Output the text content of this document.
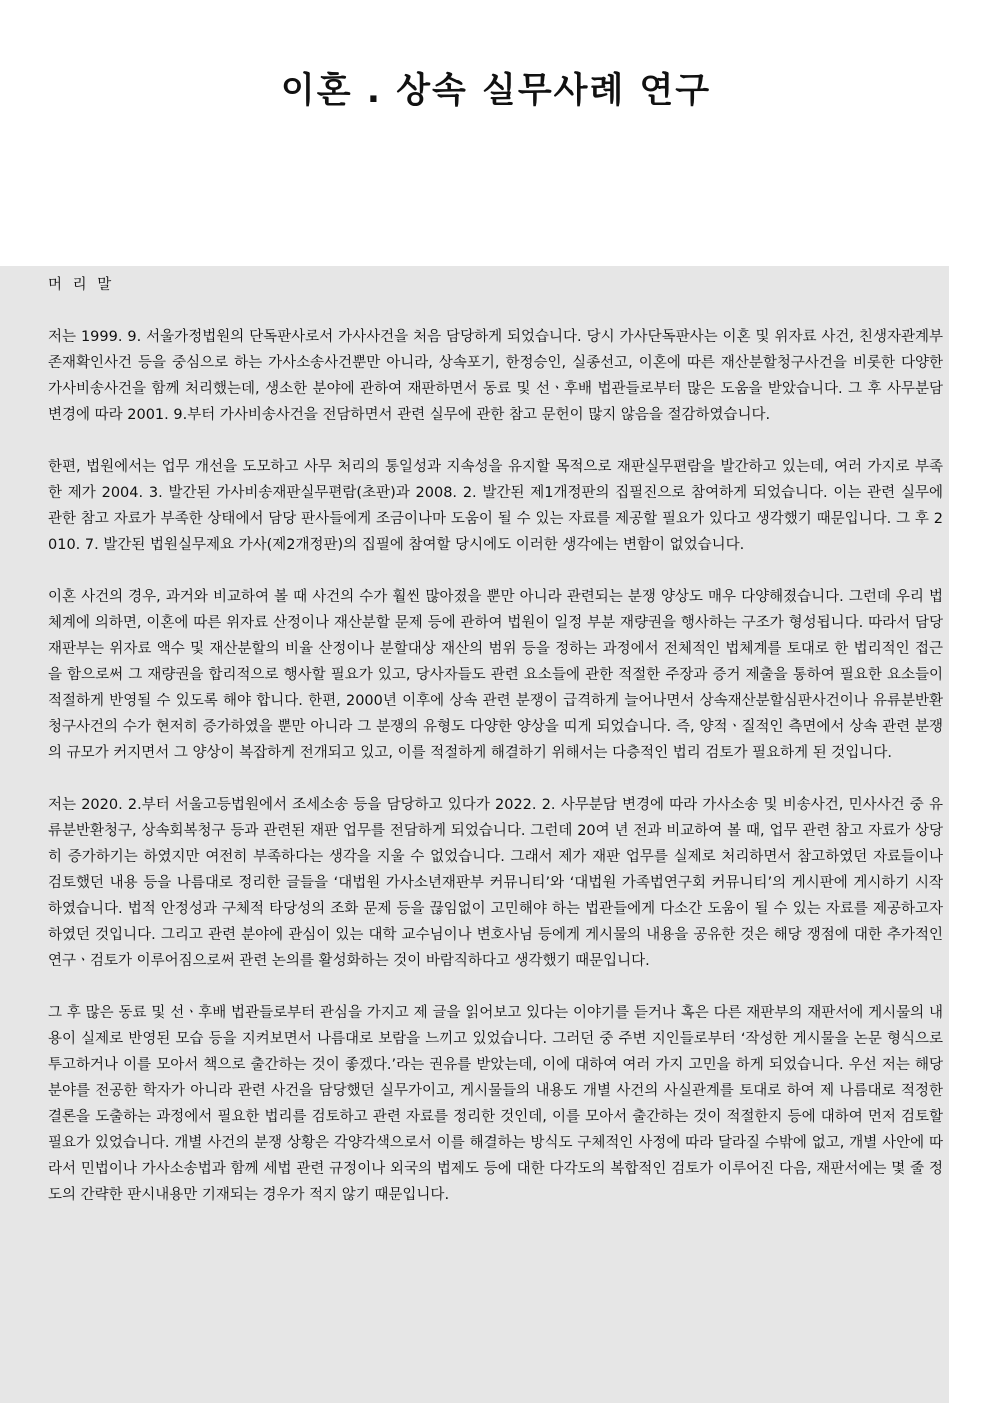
이혼 . 상속 실무사례 연구

머 리 말

저는 1999. 9. 서울가정법원의 단독판사로서 가사사건을 처음 담당하게 되었습니다. 당시 가사단독판사는 이혼 및 위자료 사건, 친생자관계부존재확인사건 등을 중심으로 하는 가사소송사건뿐만 아니라, 상속포기, 한정승인, 실종선고, 이혼에 따른 재산분할청구사건을 비롯한 다양한 가사비송사건을 함께 처리했는데, 생소한 분야에 관하여 재판하면서 동료 및 선ㆍ후배 법관들로부터 많은 도움을 받았습니다. 그 후 사무분담 변경에 따라 2001. 9.부터 가사비송사건을 전담하면서 관련 실무에 관한 참고 문헌이 많지 않음을 절감하였습니다.

한편, 법원에서는 업무 개선을 도모하고 사무 처리의 통일성과 지속성을 유지할 목적으로 재판실무편람을 발간하고 있는데, 여러 가지로 부족한 제가 2004. 3. 발간된 가사비송재판실무편람(초판)과 2008. 2. 발간된 제1개정판의 집필진으로 참여하게 되었습니다. 이는 관련 실무에 관한 참고 자료가 부족한 상태에서 담당 판사들에게 조금이나마 도움이 될 수 있는 자료를 제공할 필요가 있다고 생각했기 때문입니다. 그 후 2010. 7. 발간된 법원실무제요 가사(제2개정판)의 집필에 참여할 당시에도 이러한 생각에는 변함이 없었습니다.

이혼 사건의 경우, 과거와 비교하여 볼 때 사건의 수가 훨씬 많아졌을 뿐만 아니라 관련되는 분쟁 양상도 매우 다양해졌습니다. 그런데 우리 법체계에 의하면, 이혼에 따른 위자료 산정이나 재산분할 문제 등에 관하여 법원이 일정 부분 재량권을 행사하는 구조가 형성됩니다. 따라서 담당재판부는 위자료 액수 및 재산분할의 비율 산정이나 분할대상 재산의 범위 등을 정하는 과정에서 전체적인 법체계를 토대로 한 법리적인 접근을 함으로써 그 재량권을 합리적으로 행사할 필요가 있고, 당사자들도 관련 요소들에 관한 적절한 주장과 증거 제출을 통하여 필요한 요소들이 적절하게 반영될 수 있도록 해야 합니다. 한편, 2000년 이후에 상속 관련 분쟁이 급격하게 늘어나면서 상속재산분할심판사건이나 유류분반환청구사건의 수가 현저히 증가하였을 뿐만 아니라 그 분쟁의 유형도 다양한 양상을 띠게 되었습니다. 즉, 양적ㆍ질적인 측면에서 상속 관련 분쟁의 규모가 커지면서 그 양상이 복잡하게 전개되고 있고, 이를 적절하게 해결하기 위해서는 다층적인 법리 검토가 필요하게 된 것입니다.

저는 2020. 2.부터 서울고등법원에서 조세소송 등을 담당하고 있다가 2022. 2. 사무분담 변경에 따라 가사소송 및 비송사건, 민사사건 중 유류분반환청구, 상속회복청구 등과 관련된 재판 업무를 전담하게 되었습니다. 그런데 20여 년 전과 비교하여 볼 때, 업무 관련 참고 자료가 상당히 증가하기는 하였지만 여전히 부족하다는 생각을 지울 수 없었습니다. 그래서 제가 재판 업무를 실제로 처리하면서 참고하였던 자료들이나 검토했던 내용 등을 나름대로 정리한 글들을 ‘대법원 가사소년재판부 커뮤니티’와 ‘대법원 가족법연구회 커뮤니티’의 게시판에 게시하기 시작하였습니다. 법적 안정성과 구체적 타당성의 조화 문제 등을 끊임없이 고민해야 하는 법관들에게 다소간 도움이 될 수 있는 자료를 제공하고자 하였던 것입니다. 그리고 관련 분야에 관심이 있는 대학 교수님이나 변호사님 등에게 게시물의 내용을 공유한 것은 해당 쟁점에 대한 추가적인 연구ㆍ검토가 이루어짐으로써 관련 논의를 활성화하는 것이 바람직하다고 생각했기 때문입니다.

그 후 많은 동료 및 선ㆍ후배 법관들로부터 관심을 가지고 제 글을 읽어보고 있다는 이야기를 듣거나 혹은 다른 재판부의 재판서에 게시물의 내용이 실제로 반영된 모습 등을 지켜보면서 나름대로 보람을 느끼고 있었습니다. 그러던 중 주변 지인들로부터 ‘작성한 게시물을 논문 형식으로 투고하거나 이를 모아서 책으로 출간하는 것이 좋겠다.’라는 권유를 받았는데, 이에 대하여 여러 가지 고민을 하게 되었습니다. 우선 저는 해당 분야를 전공한 학자가 아니라 관련 사건을 담당했던 실무가이고, 게시물들의 내용도 개별 사건의 사실관계를 토대로 하여 제 나름대로 적정한 결론을 도출하는 과정에서 필요한 법리를 검토하고 관련 자료를 정리한 것인데, 이를 모아서 출간하는 것이 적절한지 등에 대하여 먼저 검토할 필요가 있었습니다. 개별 사건의 분쟁 상황은 각양각색으로서 이를 해결하는 방식도 구체적인 사정에 따라 달라질 수밖에 없고, 개별 사안에 따라서 민법이나 가사소송법과 함께 세법 관련 규정이나 외국의 법제도 등에 대한 다각도의 복합적인 검토가 이루어진 다음, 재판서에는 몇 줄 정도의 간략한 판시내용만 기재되는 경우가 적지 않기 때문입니다.
